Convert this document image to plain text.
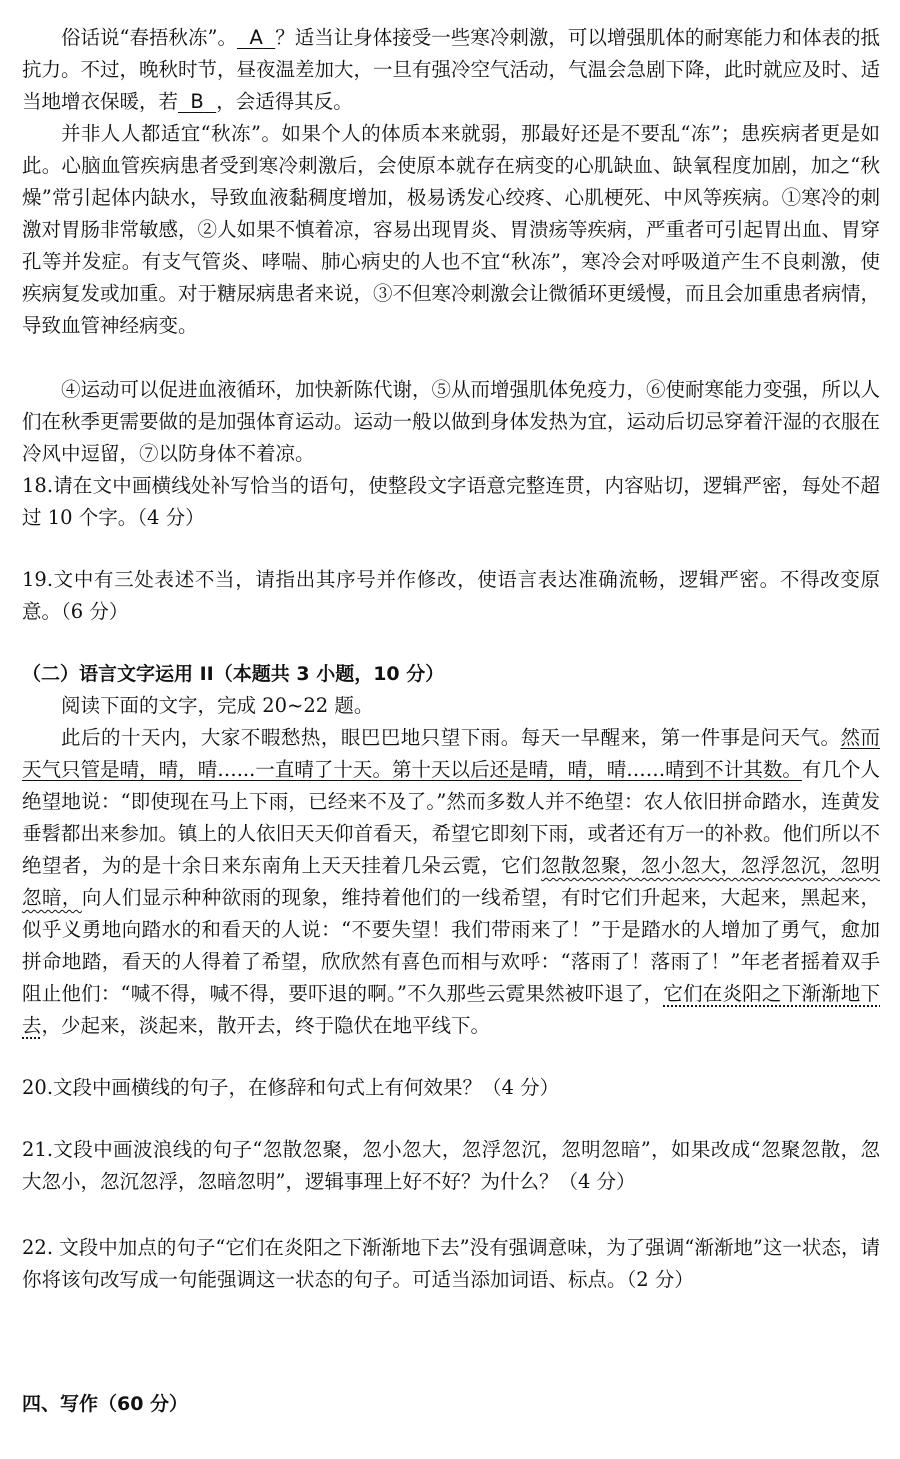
俗话说“春捂秋冻”。 A ？适当让身体接受一些寒冷刺激，可以增强肌体的耐寒能力和体表的抵抗力。不过，晚秋时节，昼夜温差加大，一旦有强冷空气活动，气温会急剧下降，此时就应及时、适当地增衣保暖，若 B ，会适得其反。

并非人人都适宜“秋冻”。如果个人的体质本来就弱，那最好还是不要乱“冻”；患疾病者更是如此。心脑血管疾病患者受到寒冷刺激后，会使原本就存在病变的心肌缺血、缺氧程度加剧，加之“秋燥”常引起体内缺水，导致血液黏稠度增加，极易诱发心绞疼、心肌梗死、中风等疾病。①寒冷的刺激对胃肠非常敏感，②人如果不慎着凉，容易出现胃炎、胃溃疡等疾病，严重者可引起胃出血、胃穿孔等并发症。有支气管炎、哮喘、肺心病史的人也不宜“秋冻”，寒冷会对呼吸道产生不良刺激，使疾病复发或加重。对于糖尿病患者来说，③不但寒冷刺激会让微循环更缓慢，而且会加重患者病情，导致血管神经病变。

④运动可以促进血液循环，加快新陈代谢，⑤从而增强肌体免疫力，⑥使耐寒能力变强，所以人们在秋季更需要做的是加强体育运动。运动一般以做到身体发热为宜，运动后切忌穿着汗湿的衣服在冷风中逗留，⑦以防身体不着凉。

18.请在文中画横线处补写恰当的语句，使整段文字语意完整连贯，内容贴切，逻辑严密，每处不超过 10 个字。（4 分）

19.文中有三处表述不当，请指出其序号并作修改，使语言表达准确流畅，逻辑严密。不得改变原意。（6 分）

（二）语言文字运用 II（本题共 3 小题，10 分）

阅读下面的文字，完成 20~22 题。

此后的十天内，大家不暇愁热，眼巴巴地只望下雨。每天一早醒来，第一件事是问天气。然而天气只管是晴，晴，晴…...一直晴了十天。第十天以后还是晴，晴，晴……晴到不计其数。有几个人绝望地说：“即使现在马上下雨，已经来不及了。”然而多数人并不绝望：农人依旧拼命踏水，连黄发垂髫都出来参加。镇上的人依旧天天仰首看天，希望它即刻下雨，或者还有万一的补救。他们所以不绝望者，为的是十余日来东南角上天天挂着几朵云霓，它们忽散忽聚，忽小忽大，忽浮忽沉，忽明忽暗，向人们显示种种欲雨的现象，维持着他们的一线希望，有时它们升起来，大起来，黑起来，似乎义勇地向踏水的和看天的人说：“不要失望！我们带雨来了！”于是踏水的人增加了勇气，愈加拼命地踏，看天的人得着了希望，欣欣然有喜色而相与欢呼：“落雨了！落雨了！”年老者摇着双手阻止他们：“喊不得，喊不得，要吓退的啊。”不久那些云霓果然被吓退了，它们在炎阳之下渐渐地下去，少起来，淡起来，散开去，终于隐伏在地平线下。

20.文段中画横线的句子，在修辞和句式上有何效果？（4 分）

21.文段中画波浪线的句子“忽散忽聚，忽小忽大，忽浮忽沉，忽明忽暗”，如果改成“忽聚忽散，忽大忽小，忽沉忽浮，忽暗忽明”，逻辑事理上好不好？为什么？（4 分）

22. 文段中加点的句子“它们在炎阳之下渐渐地下去”没有强调意味，为了强调“渐渐地”这一状态，请你将该句改写成一句能强调这一状态的句子。可适当添加词语、标点。（2 分）

四、写作（60 分）
